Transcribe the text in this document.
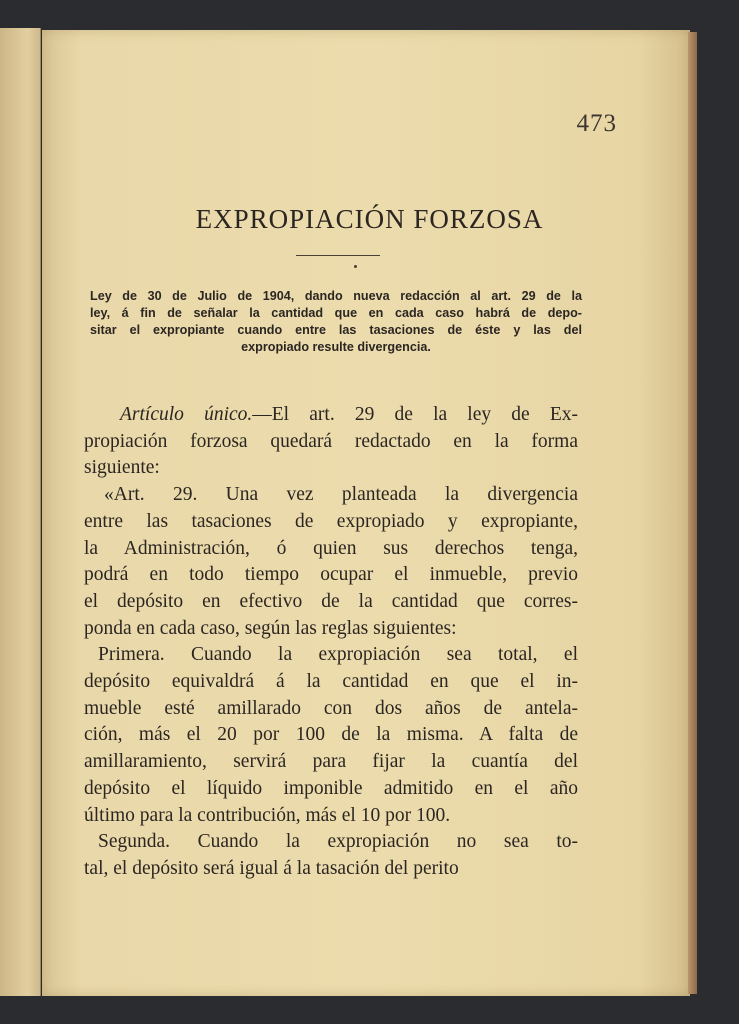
473
EXPROPIACIÓN FORZOSA

Ley de 30 de Julio de 1904, dando nueva redacción al art. 29 de la
ley, á fin de señalar la cantidad que en cada caso habrá de depo-
sitar el expropiante cuando entre las tasaciones de éste y las del
expropiado resulte divergencia.

Artículo único.—El art. 29 de la ley de Ex-
propiación forzosa quedará redactado en la forma
siguiente:
«Art. 29. Una vez planteada la divergencia
entre las tasaciones de expropiado y expropiante,
la Administración, ó quien sus derechos tenga,
podrá en todo tiempo ocupar el inmueble, previo
el depósito en efectivo de la cantidad que corres-
ponda en cada caso, según las reglas siguientes:
Primera. Cuando la expropiación sea total, el
depósito equivaldrá á la cantidad en que el in-
mueble esté amillarado con dos años de antela-
ción, más el 20 por 100 de la misma. A falta de
amillaramiento, servirá para fijar la cuantía del
depósito el líquido imponible admitido en el año
último para la contribución, más el 10 por 100.
Segunda. Cuando la expropiación no sea to-
tal, el depósito será igual á la tasación del perito
